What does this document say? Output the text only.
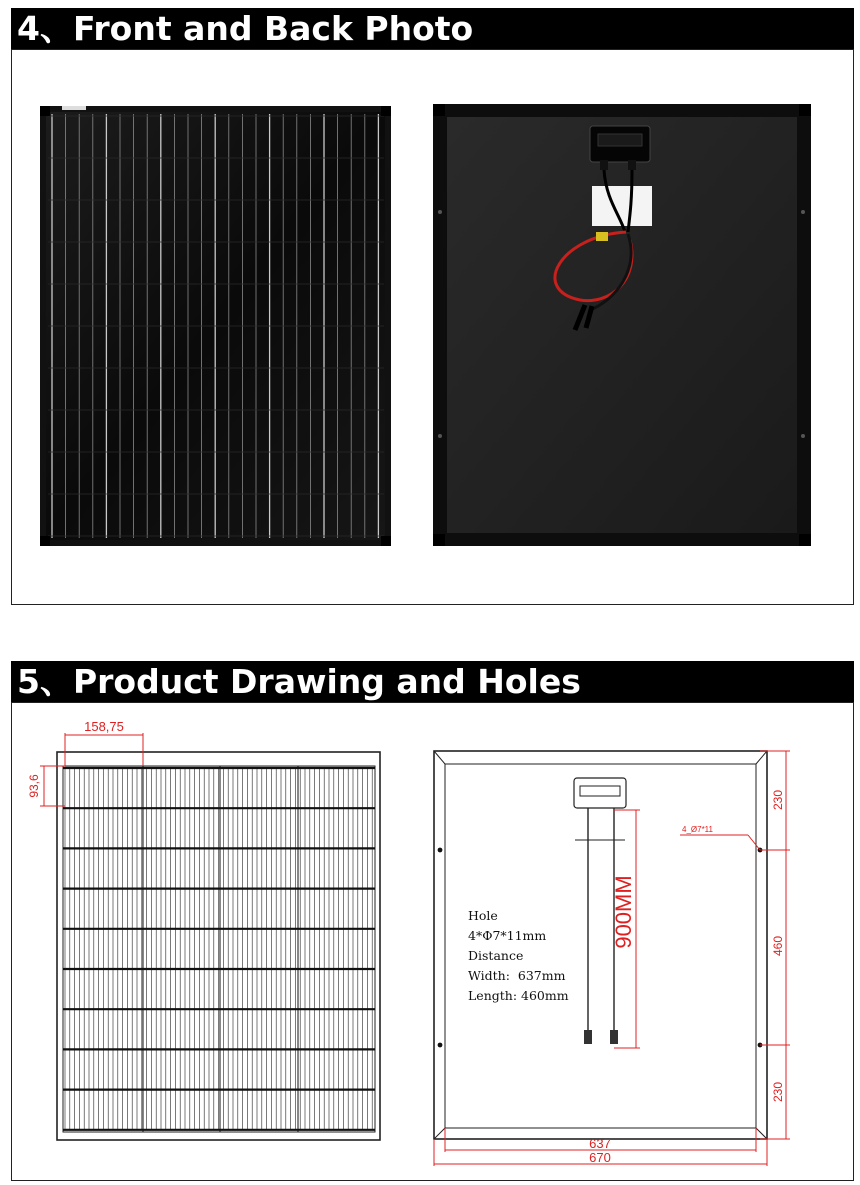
4、Front and Back Photo
5、Product Drawing and Holes
158,75
93,6
900MM
230
460
230
4_Ø7*11
637
670
Hole
4*Φ7*11mm
Distance
Width:  637mm
Length: 460mm
